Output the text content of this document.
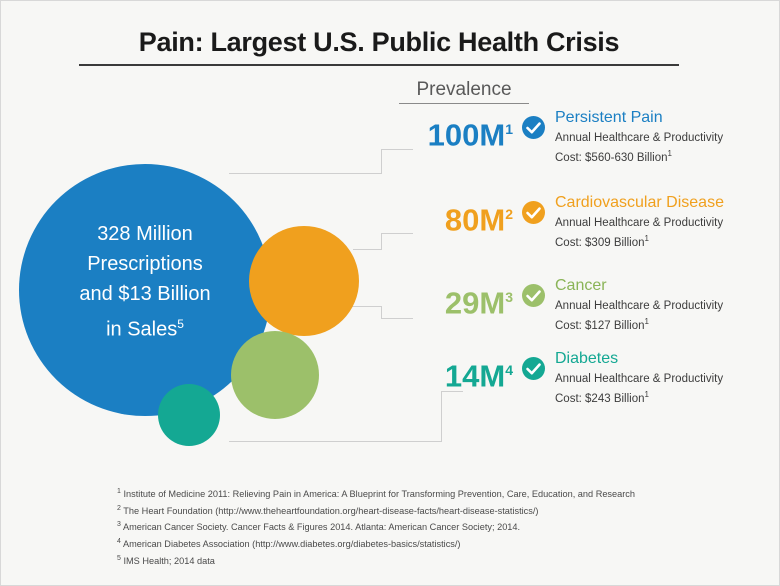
Pain: Largest U.S. Public Health Crisis
Prevalence
328 Million
Prescriptions
and $13 Billion
in Sales$^5$
$100M^1$
Persistent Pain
Annual Healthcare & Productivity
Cost: $560-630 Billion$^1$
$80M^2$
Cardiovascular Disease
Annual Healthcare & Productivity
Cost: $309 Billion$^1$
$29M^3$
Cancer
Annual Healthcare & Productivity
Cost: $127 Billion$^1$
$14M^4$
Diabetes
Annual Healthcare & Productivity
Cost: $243 Billion$^1$
$^1$ Institute of Medicine 2011: Relieving Pain in America: A Blueprint for Transforming Prevention, Care, Education, and Research
$^2$ The Heart Foundation (http://www.theheartfoundation.org/heart-disease-facts/heart-disease-statistics/)
$^3$ American Cancer Society. Cancer Facts & Figures 2014. Atlanta: American Cancer Society; 2014.
$^4$ American Diabetes Association (http://www.diabetes.org/diabetes-basics/statistics/)
$^5$ IMS Health; 2014 data
